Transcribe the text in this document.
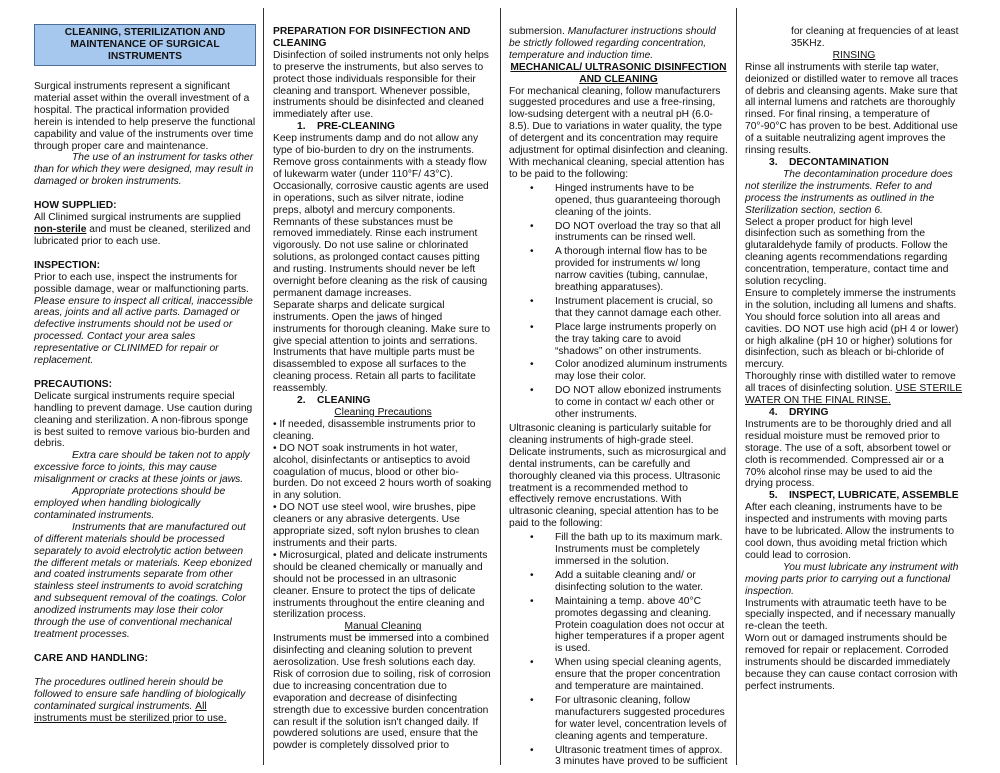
CLEANING, STERILIZATION AND MAINTENANCE OF SURGICAL INSTRUMENTS

Surgical instruments represent a significant material asset within the overall investment of a hospital. The practical information provided herein is intended to help preserve the functional capability and value of the instruments over time through proper care and maintenance.

The use of an instrument for tasks other than for which they were designed, may result in damaged or broken instruments.

HOW SUPPLIED:

All Clinimed surgical instruments are supplied non-sterile and must be cleaned, sterilized and lubricated prior to each use.

INSPECTION:

Prior to each use, inspect the instruments for possible damage, wear or malfunctioning parts. Please ensure to inspect all critical, inaccessible areas, joints and all active parts. Damaged or defective instruments should not be used or processed. Contact your area sales representative or CLINIMED for repair or replacement.

PRECAUTIONS:

Delicate surgical instruments require special handling to prevent damage. Use caution during cleaning and sterilization. A non-fibrous sponge is best suited to remove various bio-burden and debris.

Extra care should be taken not to apply excessive force to joints, this may cause misalignment or cracks at these joints or jaws.

Appropriate protections should be employed when handling biologically contaminated instruments.

Instruments that are manufactured out of different materials should be processed separately to avoid electrolytic action between the different metals or materials. Keep ebonized and coated instruments separate from other stainless steel instruments to avoid scratching and subsequent removal of the coatings. Color anodized instruments may lose their color through the use of conventional mechanical treatment processes.

CARE AND HANDLING:

The procedures outlined herein should be followed to ensure safe handling of biologically contaminated surgical instruments. All instruments must be sterilized prior to use.

PREPARATION FOR DISINFECTION AND CLEANING

Disinfection of soiled instruments not only helps to preserve the instruments, but also serves to protect those individuals responsible for their cleaning and transport. Whenever possible, instruments should be disinfected and cleaned immediately after use.

1.    PRE-CLEANING

Keep instruments damp and do not allow any type of bio-burden to dry on the instruments. Remove gross containments with a steady flow of lukewarm water (under 110°F/ 43°C). Occasionally, corrosive caustic agents are used in operations, such as silver nitrate, iodine preps, albotyl and mercury components. Remnants of these substances must be removed immediately. Rinse each instrument vigorously. Do not use saline or chlorinated solutions, as prolonged contact causes pitting and rusting. Instruments should never be left overnight before cleaning as the risk of causing permanent damage increases.

Separate sharps and delicate surgical instruments. Open the jaws of hinged instruments for thorough cleaning. Make sure to give special attention to joints and serrations. Instruments that have multiple parts must be disassembled to expose all surfaces to the cleaning process. Retain all parts to facilitate reassembly.

2.    CLEANING

Cleaning Precautions

• If needed, disassemble instruments prior to cleaning.

• DO NOT soak instruments in hot water, alcohol, disinfectants or antiseptics to avoid coagulation of mucus, blood or other bio-burden. Do not exceed 2 hours worth of soaking in any solution.

• DO NOT use steel wool, wire brushes, pipe cleaners or any abrasive detergents. Use appropriate sized, soft nylon brushes to clean instruments and their parts.

• Microsurgical, plated and delicate instruments should be cleaned chemically or manually and should not be processed in an ultrasonic cleaner. Ensure to protect the tips of delicate instruments throughout the entire cleaning and sterilization process.

Manual Cleaning

Instruments must be immersed into a combined disinfecting and cleaning solution to prevent aerosolization. Use fresh solutions each day. Risk of corrosion due to soiling, risk of corrosion due to increasing concentration due to evaporation and decrease of disinfecting strength due to excessive burden concentration can result if the solution isn't changed daily. If powdered solutions are used, ensure that the powder is completely dissolved prior to

submersion. Manufacturer instructions should be strictly followed regarding concentration, temperature and induction time.

MECHANICAL/ ULTRASONIC DISINFECTION AND CLEANING

For mechanical cleaning, follow manufacturers suggested procedures and use a free-rinsing, low-sudsing detergent with a neutral pH (6.0-8.5). Due to variations in water quality, the type of detergent and its concentration may require adjustment for optimal disinfection and cleaning. With mechanical cleaning, special attention has to be paid to the following:

• Hinged instruments have to be opened, thus guaranteeing thorough cleaning of the joints.
• DO NOT overload the tray so that all instruments can be rinsed well.
• A thorough internal flow has to be provided for instruments w/ long narrow cavities (tubing, cannulae, breathing apparatuses).
• Instrument placement is crucial, so that they cannot damage each other.
• Place large instruments properly on the tray taking care to avoid “shadows” on other instruments.
• Color anodized aluminum instruments may lose their color.
• DO NOT allow ebonized instruments to come in contact w/ each other or other instruments.

Ultrasonic cleaning is particularly suitable for cleaning instruments of high-grade steel. Delicate instruments, such as microsurgical and dental instruments, can be carefully and thoroughly cleaned via this process. Ultrasonic treatment is a recommended method to effectively remove encrustations. With ultrasonic cleaning, special attention has to be paid to the following:

• Fill the bath up to its maximum mark. Instruments must be completely immersed in the solution.
• Add a suitable cleaning and/ or disinfecting solution to the water.
• Maintaining a temp. above 40°C promotes degassing and cleaning. Protein coagulation does not occur at higher temperatures if a proper agent is used.
• When using special cleaning agents, ensure that the proper concentration and temperature are maintained.
• For ultrasonic cleaning, follow manufacturers suggested procedures for water level, concentration levels of cleaning agents and temperature.
• Ultrasonic treatment times of approx. 3 minutes have proved to be sufficient

for cleaning at frequencies of at least 35KHz.

RINSING

Rinse all instruments with sterile tap water, deionized or distilled water to remove all traces of debris and cleansing agents. Make sure that all internal lumens and ratchets are thoroughly rinsed. For final rinsing, a temperature of 70°-90°C has proven to be best. Additional use of a suitable neutralizing agent improves the rinsing results.

3.    DECONTAMINATION

The decontamination procedure does not sterilize the instruments. Refer to and process the instruments as outlined in the Sterilization section, section 6.

Select a proper product for high level disinfection such as something from the glutaraldehyde family of products. Follow the cleaning agents recommendations regarding concentration, temperature, contact time and solution recycling.

Ensure to completely immerse the instruments in the solution, including all lumens and shafts. You should force solution into all areas and cavities. DO NOT use high acid (pH 4 or lower) or high alkaline (pH 10 or higher) solutions for disinfection, such as bleach or bi-chloride of mercury.

Thoroughly rinse with distilled water to remove all traces of disinfecting solution. USE STERILE WATER ON THE FINAL RINSE.

4.    DRYING

Instruments are to be thoroughly dried and all residual moisture must be removed prior to storage. The use of a soft, absorbent towel or cloth is recommended. Compressed air or a 70% alcohol rinse may be used to aid the drying process.

5.    INSPECT, LUBRICATE, ASSEMBLE

After each cleaning, instruments have to be inspected and instruments with moving parts have to be lubricated. Allow the instruments to cool down, thus avoiding metal friction which could lead to corrosion.

You must lubricate any instrument with moving parts prior to carrying out a functional inspection.

Instruments with atraumatic teeth have to be specially inspected, and if necessary manually re-clean the teeth.

Worn out or damaged instruments should be removed for repair or replacement. Corroded instruments should be discarded immediately because they can cause contact corrosion with perfect instruments.
